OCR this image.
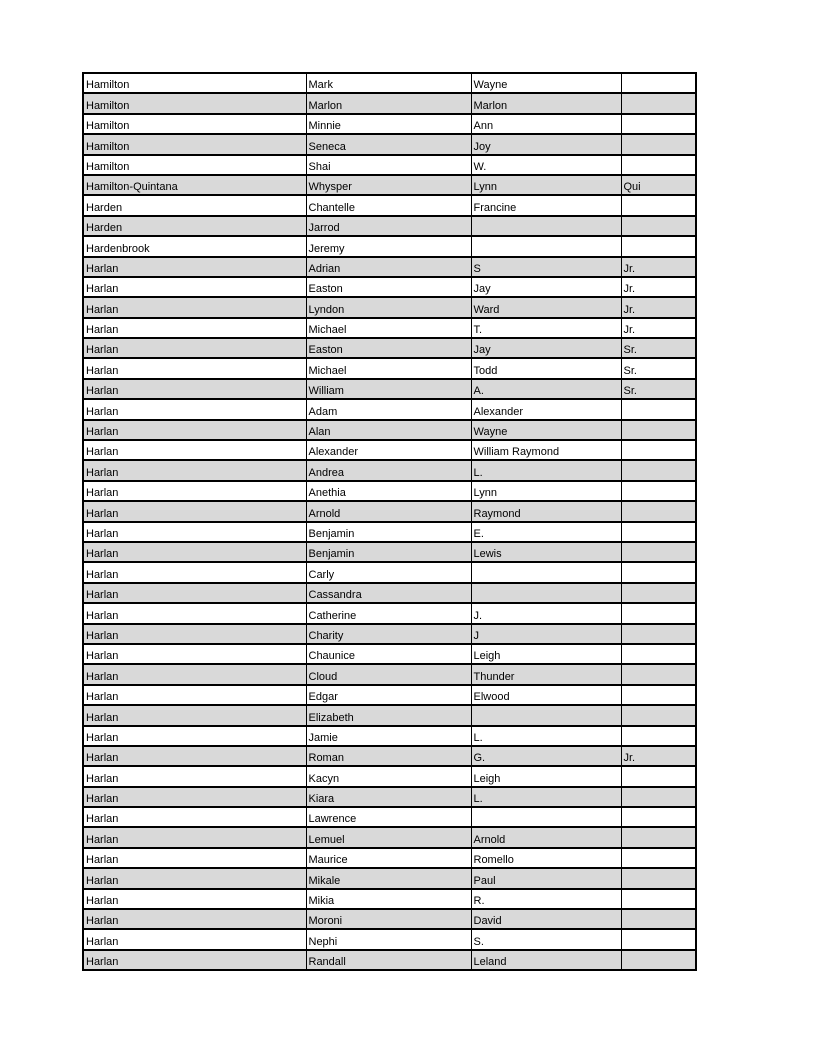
Hamilton	Mark	Wayne	
Hamilton	Marlon	Marlon	
Hamilton	Minnie	Ann	
Hamilton	Seneca	Joy	
Hamilton	Shai	W.	
Hamilton-Quintana	Whysper	Lynn	Qui
Harden	Chantelle	Francine	
Harden	Jarrod		
Hardenbrook	Jeremy		
Harlan	Adrian	S	Jr.
Harlan	Easton	Jay	Jr.
Harlan	Lyndon	Ward	Jr.
Harlan	Michael	T.	Jr.
Harlan	Easton	Jay	Sr.
Harlan	Michael	Todd	Sr.
Harlan	William	A.	Sr.
Harlan	Adam	Alexander	
Harlan	Alan	Wayne	
Harlan	Alexander	William Raymond	
Harlan	Andrea	L.	
Harlan	Anethia	Lynn	
Harlan	Arnold	Raymond	
Harlan	Benjamin	E.	
Harlan	Benjamin	Lewis	
Harlan	Carly		
Harlan	Cassandra		
Harlan	Catherine	J.	
Harlan	Charity	J	
Harlan	Chaunice	Leigh	
Harlan	Cloud	Thunder	
Harlan	Edgar	Elwood	
Harlan	Elizabeth		
Harlan	Jamie	L.	
Harlan	Roman	G.	Jr.
Harlan	Kacyn	Leigh	
Harlan	Kiara	L.	
Harlan	Lawrence		
Harlan	Lemuel	Arnold	
Harlan	Maurice	Romello	
Harlan	Mikale	Paul	
Harlan	Mikia	R.	
Harlan	Moroni	David	
Harlan	Nephi	S.	
Harlan	Randall	Leland	
